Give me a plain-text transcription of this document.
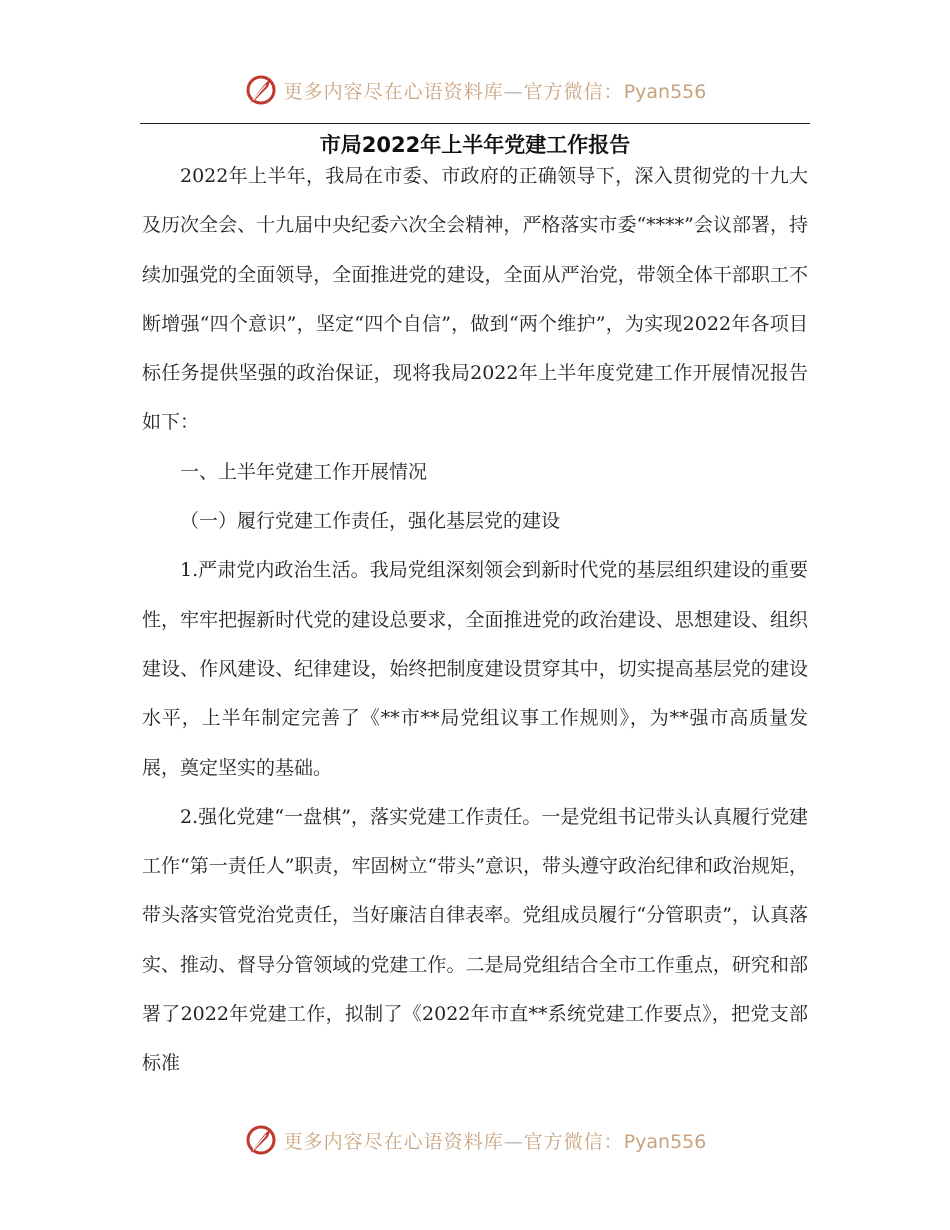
更多内容尽在心语资料库—官方微信：Pyan556
市局2022年上半年党建工作报告

2022年上半年，我局在市委、市政府的正确领导下，深入贯彻党的十九大及历次全会、十九届中央纪委六次全会精神，严格落实市委“****”会议部署，持续加强党的全面领导，全面推进党的建设，全面从严治党，带领全体干部职工不断增强“四个意识”，坚定“四个自信”，做到“两个维护”，为实现2022年各项目标任务提供坚强的政治保证，现将我局2022年上半年度党建工作开展情况报告如下：

一、上半年党建工作开展情况

（一）履行党建工作责任，强化基层党的建设

1.严肃党内政治生活。我局党组深刻领会到新时代党的基层组织建设的重要性，牢牢把握新时代党的建设总要求，全面推进党的政治建设、思想建设、组织建设、作风建设、纪律建设，始终把制度建设贯穿其中，切实提高基层党的建设水平，上半年制定完善了《**市**局党组议事工作规则》，为**强市高质量发展，奠定坚实的基础。

2.强化党建“一盘棋”，落实党建工作责任。一是党组书记带头认真履行党建工作“第一责任人”职责，牢固树立“带头”意识，带头遵守政治纪律和政治规矩，带头落实管党治党责任，当好廉洁自律表率。党组成员履行“分管职责”，认真落实、推动、督导分管领域的党建工作。二是局党组结合全市工作重点，研究和部署了2022年党建工作，拟制了《2022年市直**系统党建工作要点》，把党支部标准

更多内容尽在心语资料库—官方微信：Pyan556
